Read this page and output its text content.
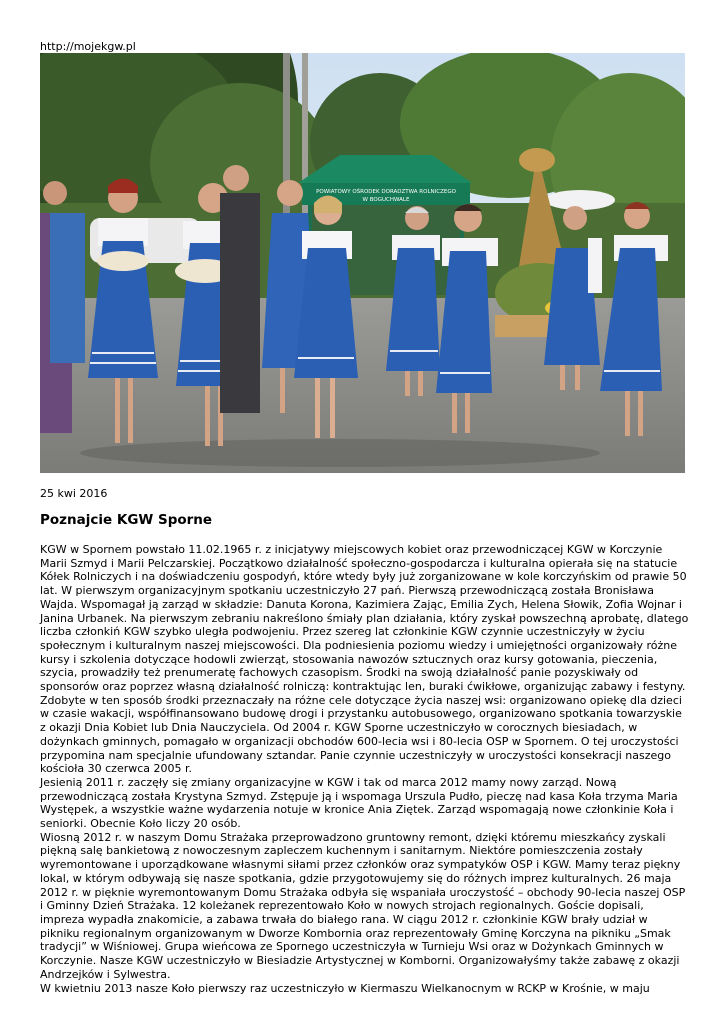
http://mojekgw.pl
POWIATOWY OŚRODEK DORADZTWA ROLNICZEGO
W BOGUCHWALE
25 kwi 2016
Poznajcie KGW Sporne

KGW w Spornem powstało 11.02.1965 r. z inicjatywy miejscowych kobiet oraz przewodniczącej KGW w Korczynie Marii Szmyd i Marii Pelczarskiej. Początkowo działalność społeczno-gospodarcza i kulturalna opierała się na statucie Kółek Rolniczych i na doświadczeniu gospodyń, które wtedy były już zorganizowane w kole korczyńskim od prawie 50 lat. W pierwszym organizacyjnym spotkaniu uczestniczyło 27 pań. Pierwszą przewodniczącą została Bronisława Wajda. Wspomagał ją zarząd w składzie: Danuta Korona, Kazimiera Zając, Emilia Zych, Helena Słowik, Zofia Wojnar i Janina Urbanek. Na pierwszym zebraniu nakreślono śmiały plan działania, który zyskał powszechną aprobatę, dlatego liczba członkiń KGW szybko uległa podwojeniu. Przez szereg lat członkinie KGW czynnie uczestniczyły w życiu społecznym i kulturalnym naszej miejscowości. Dla podniesienia poziomu wiedzy i umiejętności organizowały różne kursy i szkolenia dotyczące hodowli zwierząt, stosowania nawozów sztucznych oraz kursy gotowania, pieczenia, szycia, prowadziły też prenumeratę fachowych czasopism. Środki na swoją działalność panie pozyskiwały od sponsorów oraz poprzez własną działalność rolniczą: kontraktując len, buraki ćwikłowe, organizując zabawy i festyny. Zdobyte w ten sposób środki przeznaczały na różne cele dotyczące życia naszej wsi: organizowano opiekę dla dzieci w czasie wakacji, współfinansowano budowę drogi i przystanku autobusowego, organizowano spotkania towarzyskie z okazji Dnia Kobiet lub Dnia Nauczyciela. Od 2004 r. KGW Sporne uczestniczyło w corocznych biesiadach, w dożynkach gminnych, pomagało w organizacji obchodów 600-lecia wsi i 80-lecia OSP w Spornem. O tej uroczystości przypomina nam specjalnie ufundowany sztandar. Panie czynnie uczestniczyły w uroczystości konsekracji naszego kościoła 30 czerwca 2005 r.

Jesienią 2011 r. zaczęły się zmiany organizacyjne w KGW i tak od marca 2012 mamy nowy zarząd. Nową przewodniczącą została Krystyna Szmyd. Zstępuje ją i wspomaga Urszula Pudło, pieczę nad kasa Koła trzyma Maria Występek, a wszystkie ważne wydarzenia notuje w kronice Ania Ziętek. Zarząd wspomagają nowe członkinie Koła i seniorki. Obecnie Koło liczy 20 osób.

Wiosną 2012 r. w naszym Domu Strażaka przeprowadzono gruntowny remont, dzięki któremu mieszkańcy zyskali piękną salę bankietową z nowoczesnym zapleczem kuchennym i sanitarnym. Niektóre pomieszczenia zostały wyremontowane i uporządkowane własnymi siłami przez członków oraz sympatyków OSP i KGW. Mamy teraz piękny lokal, w którym odbywają się nasze spotkania, gdzie przygotowujemy się do różnych imprez kulturalnych. 26 maja 2012 r. w pięknie wyremontowanym Domu Strażaka odbyła się wspaniała uroczystość – obchody 90-lecia naszej OSP i Gminny Dzień Strażaka. 12 koleżanek reprezentowało Koło w nowych strojach regionalnych. Goście dopisali, impreza wypadła znakomicie, a zabawa trwała do białego rana. W ciągu 2012 r. członkinie KGW brały udział w pikniku regionalnym organizowanym w Dworze Kombornia oraz reprezentowały Gminę Korczyna na pikniku „Smak tradycji” w Wiśniowej. Grupa wieńcowa ze Spornego uczestniczyła w Turnieju Wsi oraz w Dożynkach Gminnych w Korczynie. Nasze KGW uczestniczyło w Biesiadzie Artystycznej w Komborni. Organizowałyśmy także zabawę z okazji Andrzejków i Sylwestra.

W kwietniu 2013 nasze Koło pierwszy raz uczestniczyło w Kiermaszu Wielkanocnym w RCKP w Krośnie, w maju
